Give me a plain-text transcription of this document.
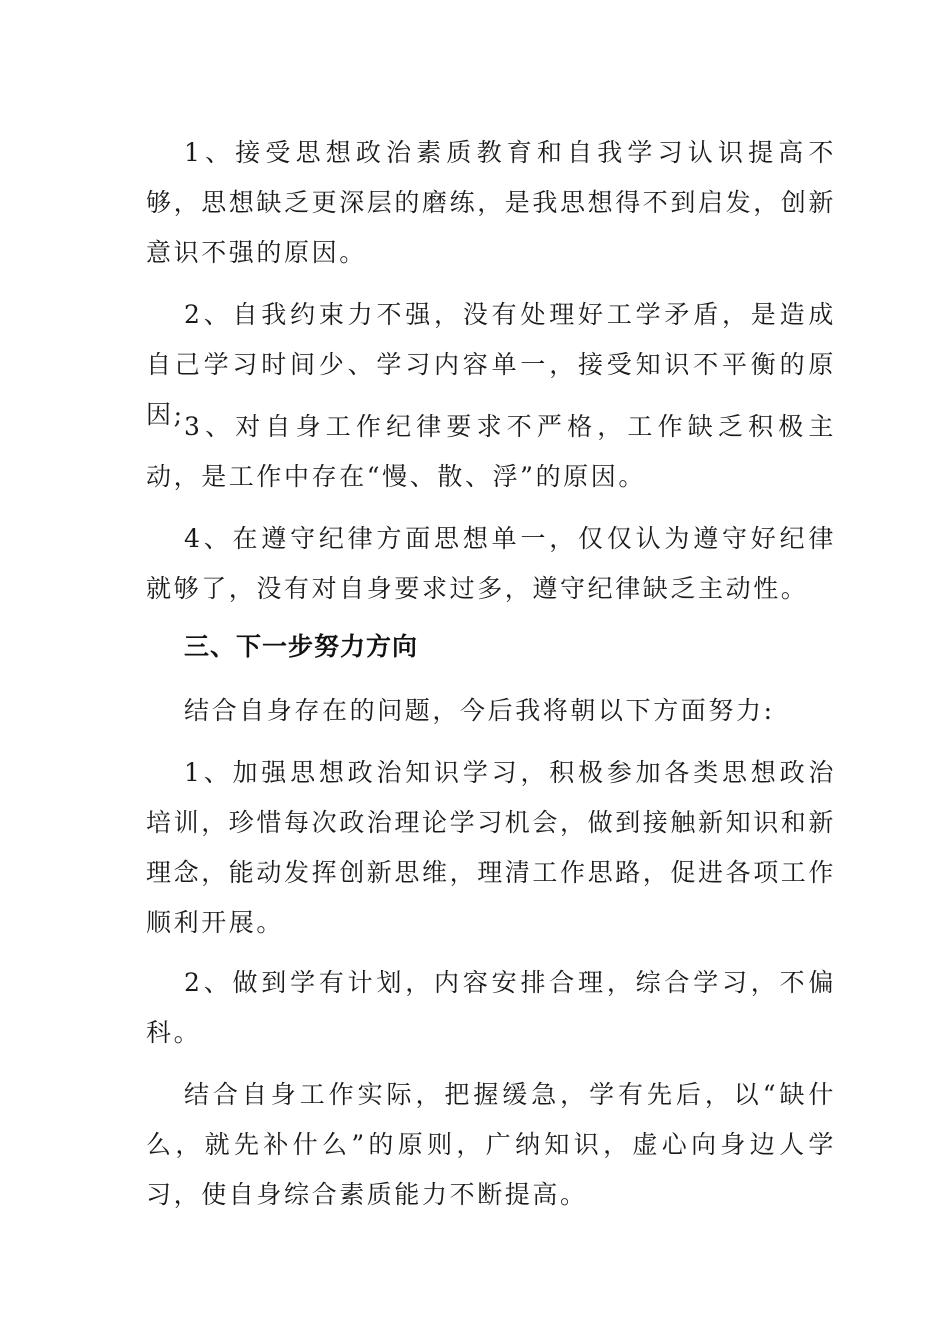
1、接受思想政治素质教育和自我学习认识提高不够，思想缺乏更深层的磨练，是我思想得不到启发，创新意识不强的原因。

2、自我约束力不强，没有处理好工学矛盾，是造成自己学习时间少、学习内容单一，接受知识不平衡的原因; 3、对自身工作纪律要求不严格，工作缺乏积极主动，是工作中存在“慢、散、浮”的原因。

4、在遵守纪律方面思想单一，仅仅认为遵守好纪律就够了，没有对自身要求过多，遵守纪律缺乏主动性。

三、下一步努力方向

结合自身存在的问题，今后我将朝以下方面努力:

1、加强思想政治知识学习，积极参加各类思想政治培训，珍惜每次政治理论学习机会，做到接触新知识和新理念，能动发挥创新思维，理清工作思路，促进各项工作顺利开展。

2、做到学有计划，内容安排合理，综合学习，不偏科。

结合自身工作实际，把握缓急，学有先后，以“缺什么，就先补什么”的原则，广纳知识，虚心向身边人学习，使自身综合素质能力不断提高。
